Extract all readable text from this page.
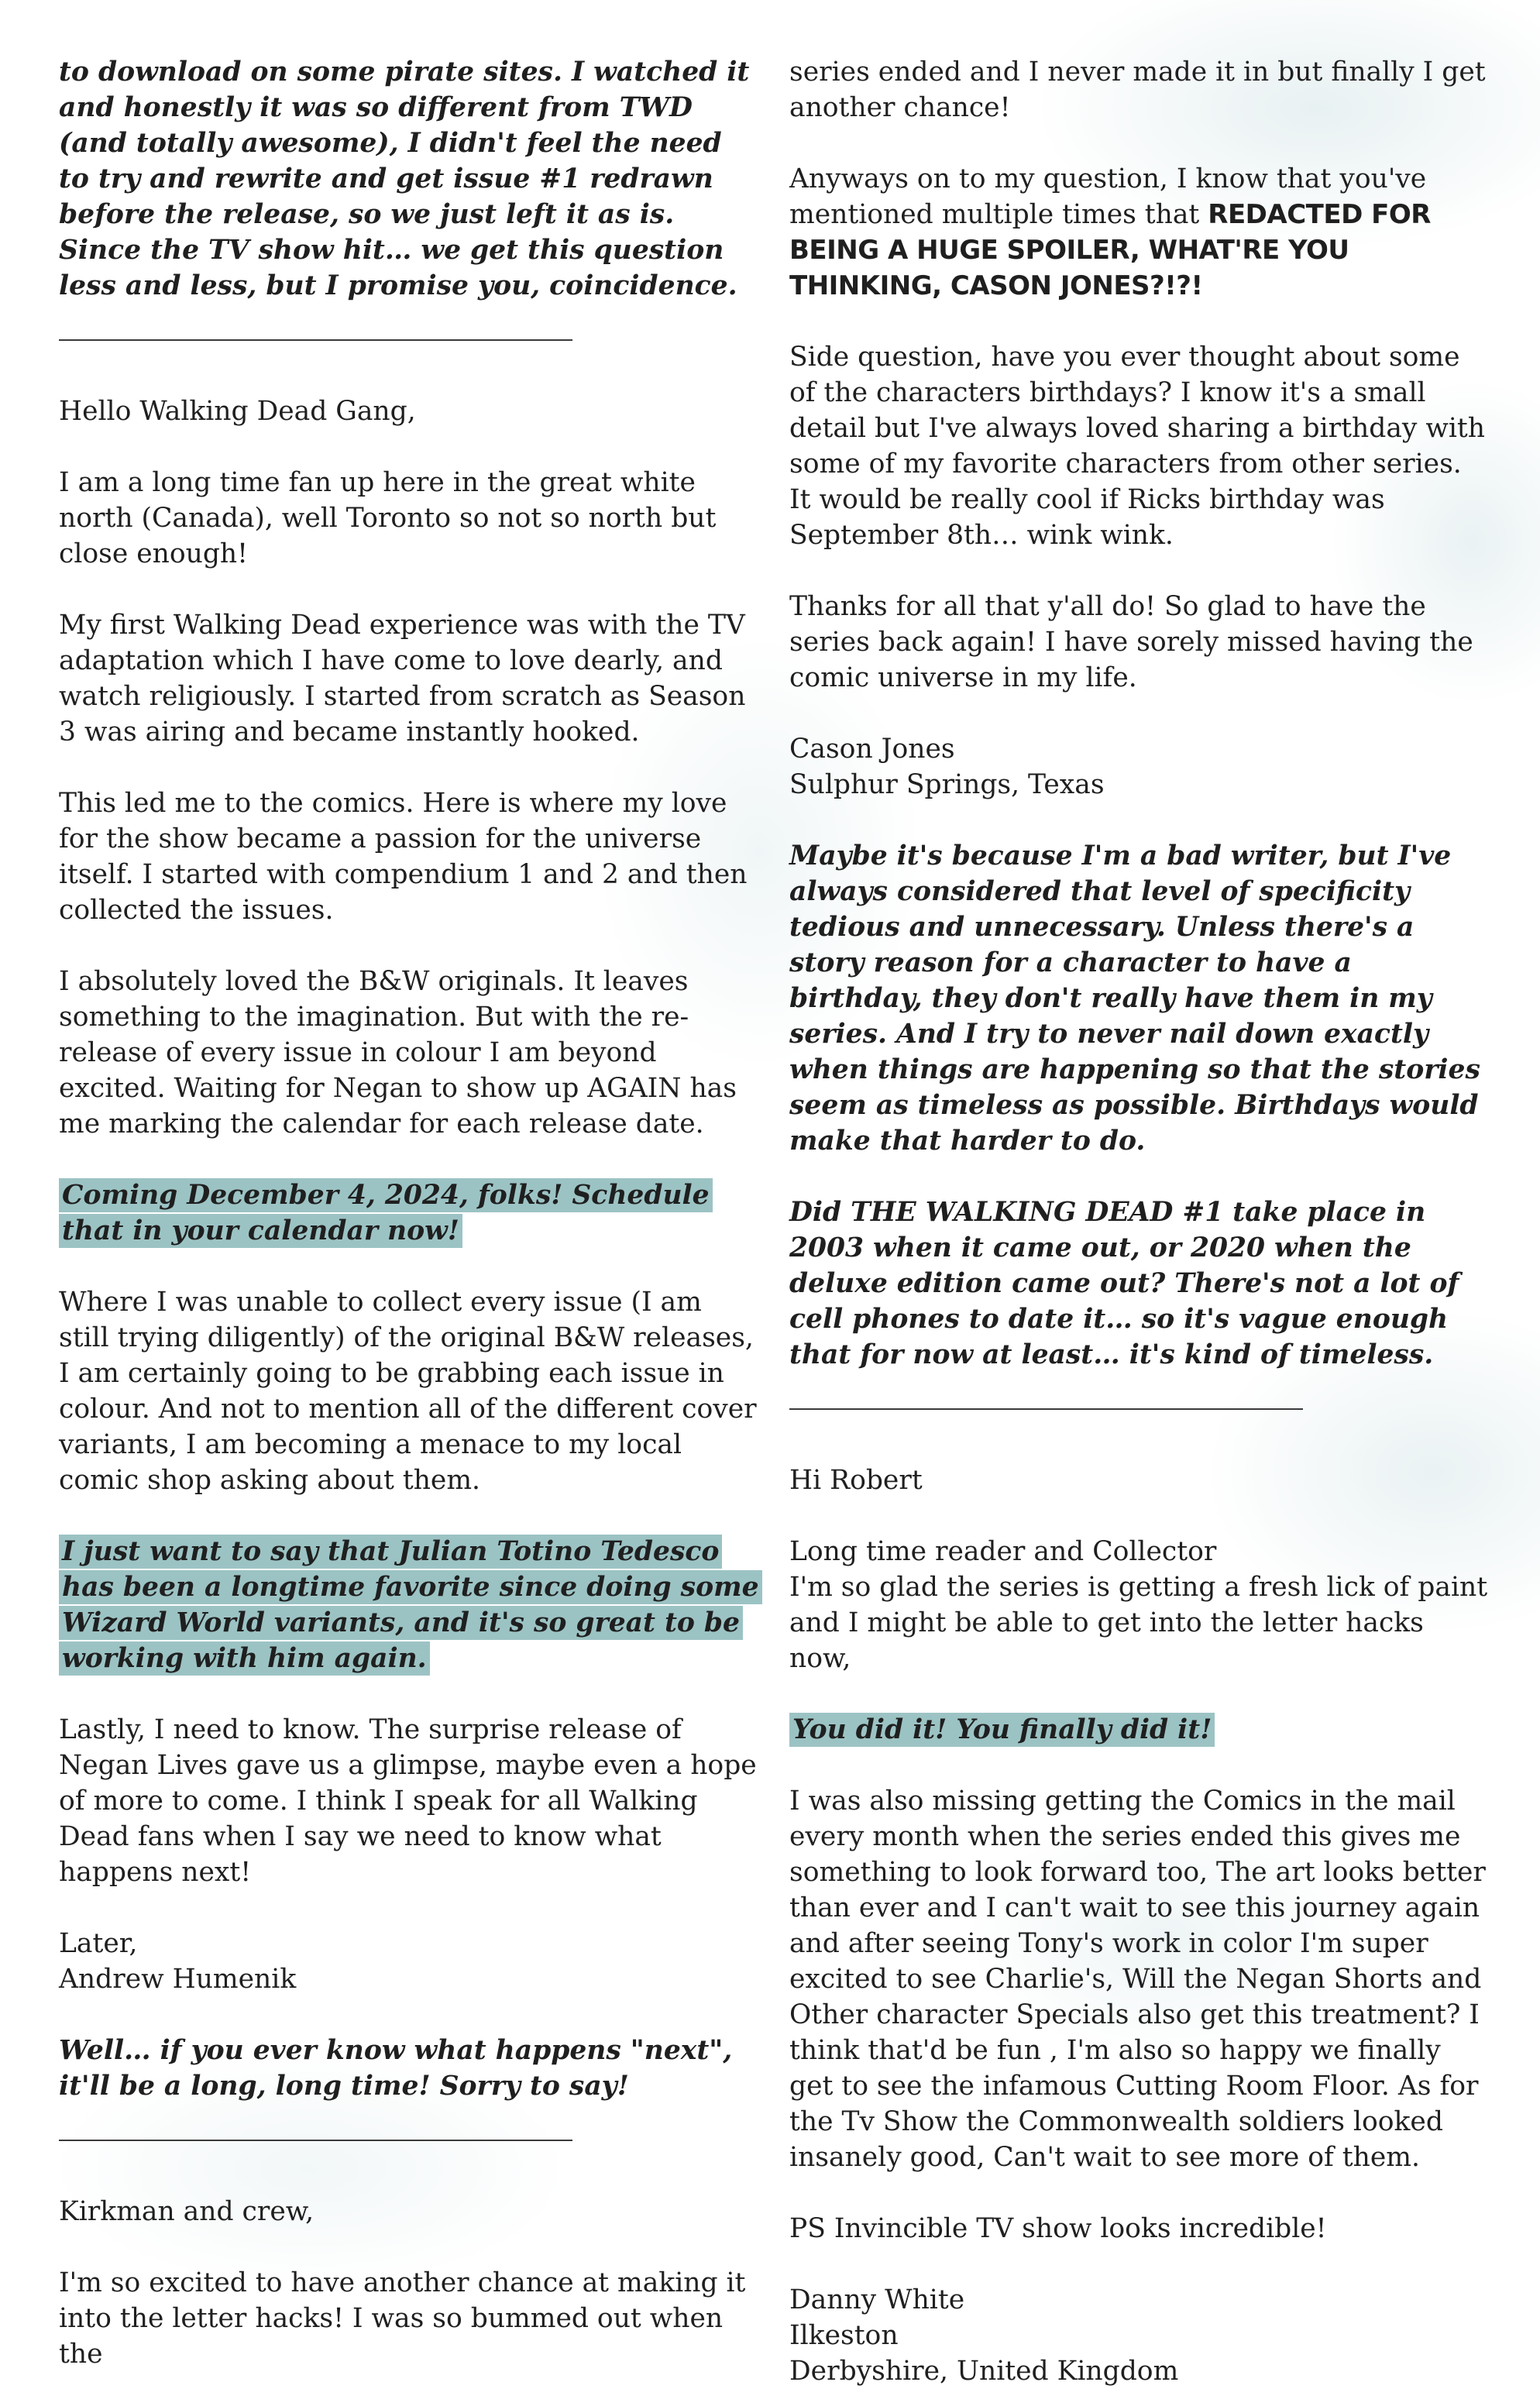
to download on some pirate sites. I watched it and honestly it was so different from TWD (and totally awesome), I didn't feel the need to try and rewrite and get issue #1 redrawn before the release, so we just left it as is. Since the TV show hit… we get this question less and less, but I promise you, coincidence.

Hello Walking Dead Gang,

I am a long time fan up here in the great white north (Canada), well Toronto so not so north but close enough!

My first Walking Dead experience was with the TV adaptation which I have come to love dearly, and watch religiously. I started from scratch as Season 3 was airing and became instantly hooked.

This led me to the comics. Here is where my love for the show became a passion for the universe itself. I started with compendium 1 and 2 and then collected the issues.

I absolutely loved the B&W originals. It leaves something to the imagination. But with the re-release of every issue in colour I am beyond excited. Waiting for Negan to show up AGAIN has me marking the calendar for each release date.

Coming December 4, 2024, folks! Schedule that in your calendar now!

Where I was unable to collect every issue (I am still trying diligently) of the original B&W releases, I am certainly going to be grabbing each issue in colour. And not to mention all of the different cover variants, I am becoming a menace to my local comic shop asking about them.

I just want to say that Julian Totino Tedesco has been a longtime favorite since doing some Wizard World variants, and it's so great to be working with him again.

Lastly, I need to know. The surprise release of Negan Lives gave us a glimpse, maybe even a hope of more to come. I think I speak for all Walking Dead fans when I say we need to know what happens next!

Later,

Andrew Humenik

Well… if you ever know what happens "next", it'll be a long, long time! Sorry to say!

Kirkman and crew,

I'm so excited to have another chance at making it into the letter hacks! I was so bummed out when the

series ended and I never made it in but finally I get another chance!

Anyways on to my question, I know that you've mentioned multiple times that REDACTED FOR BEING A HUGE SPOILER, WHAT'RE YOU THINKING, CASON JONES?!?!

Side question, have you ever thought about some of the characters birthdays? I know it's a small detail but I've always loved sharing a birthday with some of my favorite characters from other series. It would be really cool if Ricks birthday was September 8th… wink wink.

Thanks for all that y'all do! So glad to have the series back again! I have sorely missed having the comic universe in my life.

Cason Jones

Sulphur Springs, Texas

Maybe it's because I'm a bad writer, but I've always considered that level of specificity tedious and unnecessary. Unless there's a story reason for a character to have a birthday, they don't really have them in my series. And I try to never nail down exactly when things are happening so that the stories seem as timeless as possible. Birthdays would make that harder to do.

Did THE WALKING DEAD #1 take place in 2003 when it came out, or 2020 when the deluxe edition came out? There's not a lot of cell phones to date it… so it's vague enough that for now at least… it's kind of timeless.

Hi Robert

Long time reader and Collector

I'm so glad the series is getting a fresh lick of paint and I might be able to get into the letter hacks now,

You did it! You finally did it!

I was also missing getting the Comics in the mail every month when the series ended this gives me something to look forward too, The art looks better than ever and I can't wait to see this journey again and after seeing Tony's work in color I'm super excited to see Charlie's, Will the Negan Shorts and Other character Specials also get this treatment? I think that'd be fun , I'm also so happy we finally get to see the infamous Cutting Room Floor. As for the Tv Show the Commonwealth soldiers looked insanely good, Can't wait to see more of them.

PS Invincible TV show looks incredible!

Danny White

Ilkeston

Derbyshire, United Kingdom
